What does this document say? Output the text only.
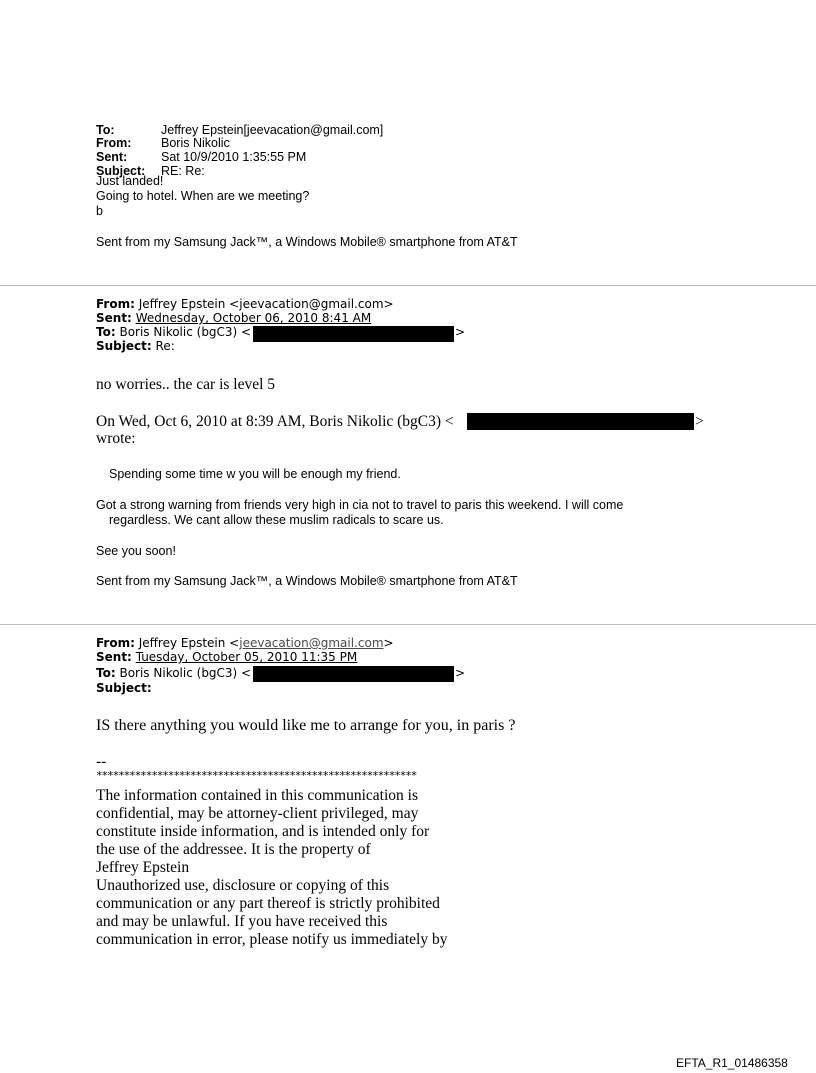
To:	Jeffrey Epstein[jeevacation@gmail.com]
From: Boris Nikolic
Sent:	Sat 10/9/2010 1:35:55 PM
Subject: RE: Re:
Just landed!
Going to hotel. When are we meeting?
b
Sent from my Samsung Jack™, a Windows Mobile® smartphone from AT&T
From: Jeffrey Epstein <jeevacation@gmail.com>
Sent: Wednesday, October 06, 2010 8:41 AM
To: Boris Nikolic (bgC3) <	>
Subject: Re:
no worries.. the car is level 5
On Wed, Oct 6, 2010 at 8:39 AM, Boris Nikolic (bgC3) <	>
wrote:
Spending some time w you will be enough my friend.
Got a strong warning from friends very high in cia not to travel to paris this weekend. I will come
regardless. We cant allow these muslim radicals to scare us.
See you soon!
Sent from my Samsung Jack™, a Windows Mobile® smartphone from AT&T
From: Jeffrey Epstein <jeevacation@gmail.com>
Sent: Tuesday, October 05, 2010 11:35 PM
To: Boris Nikolic (bgC3) <	>
Subject:
IS there anything you would like me to arrange for you, in paris ?
--
**********************************************************
The information contained in this communication is
confidential, may be attorney-client privileged, may
constitute inside information, and is intended only for
the use of the addressee. It is the property of
Jeffrey Epstein
Unauthorized use, disclosure or copying of this
communication or any part thereof is strictly prohibited
and may be unlawful. If you have received this
communication in error, please notify us immediately by
EFTA_R1_01486358
